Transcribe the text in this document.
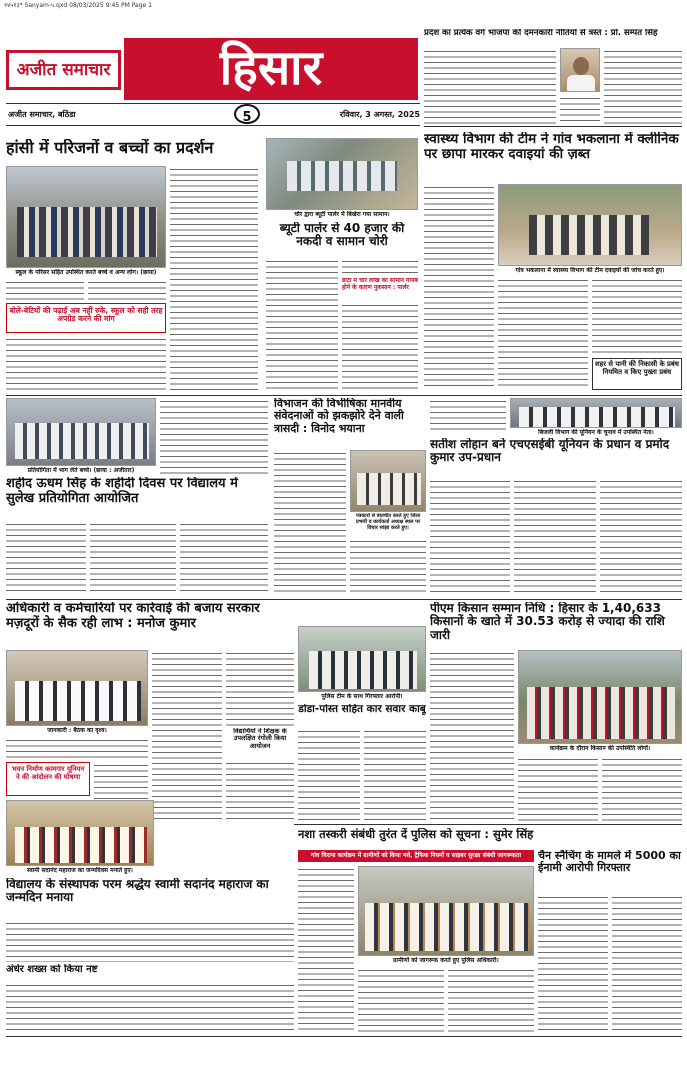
१४५१३* Sanyam-५.qxd 08/03/2025 9:45 PM Page 1
अजीत समाचार	हिसार
अजीत समाचार, बठिंडा	5	रविवार, 3 अगस्त, 2025
प्रदेश का प्रत्येक वर्ग भाजपा की दमनकारी नीतियों से त्रस्त : प्रो. सम्पत सिंह
हांसी में परिजनों व बच्चों का प्रदर्शन
स्कूल के परिसर सहित उपस्थित करते बच्चे व अन्य लोग। (छाया)
बोले-बेटियों की पढ़ाई अब नहीं रुके, स्कूल को सही तरह अपग्रेड करने की मांग
चोर द्वारा ब्यूटी पार्लर में बिखेरा गया सामान।
ब्यूटी पार्लर से 40 हजार की नकदी व सामान चोरी
डाटा में चार लाख का सामान गायब होने के कारण नुकसान : पार्लर
स्वास्थ्य विभाग की टीम ने गांव भकलाना में क्लीनिक पर छापा मारकर दवाइयां की ज़ब्त
गांव भकलाना में स्वास्थ्य विभाग की टीम दवाइयों की जांच करते हुए।
शहर से पानी की निकासी के प्रबंध नियमित व किए पुख्ता प्रबंध
प्रतियोगिता में भाग लेते बच्चे। (छाया : अजीतार)
शहीद ऊधम सिंह के शहीदी दिवस पर विद्यालय में सुलेख प्रतियोगिता आयोजित
विभाजन की विभीषिका मानवीय संवेदनाओं को झकझोरे देने वाली त्रासदी : विनोद भयाना
पत्रकारों से बातचीत करते हुए जिला प्रभारी व कार्यकर्ता अध्यक्ष स्थल पर विचार सांझा करते हुए।
बिजली विभाग की यूनियन के चुनाव में उपस्थित नेता।
सतीश लोहान बने एचएसईबी यूनियन के प्रधान व प्रमोद कुमार उप-प्रधान
अधिकारी व कर्मचारियों पर कार्रवाई की बजाय सरकार मज़दूरों के सैक रही लाभ : मनोज कुमार
जानकारी : बैठक का दृश्य।
भवन निर्माण कामगार यूनियन ने की आंदोलन की घोषणा
विद्यार्थियों ने शिक्षक के उपलक्षित रंगोली किया आयोजन
पुलिस टीम के साथ गिरफ्तार आरोपी।
डोडा-पोस्त सहित कार सवार काबू
पीएम किसान सम्मान निधि : हिसार के 1,40,633 किसानों के खाते में 30.53 करोड़ से ज्यादा की राशि जारी
कार्यक्रम के दौरान किसान की उपस्थिति लोगों।
स्वामी सदानंद महाराज का जन्मदिवस मनाते हुए।
विद्यालय के संस्थापक परम श्रद्धेय स्वामी सदानंद महाराज का जन्मदिन मनाया
अंधेर शख्स को किया नष्ट
नशा तस्करी संबंधी तुरंत दें पुलिस को सूचना : सुमेर सिंह
गांव चिराना कार्यक्रम में ग्रामीणों को किया नशे, ट्रैफिक नियमों व साइबर सुरक्षा संबंधी जागरूकता
ग्रामीणों को जागरूक करते हुए पुलिस अधिकारी।
चैन स्नैचिंग के मामले में 5000 का ईनामी आरोपी गिरफ्तार
